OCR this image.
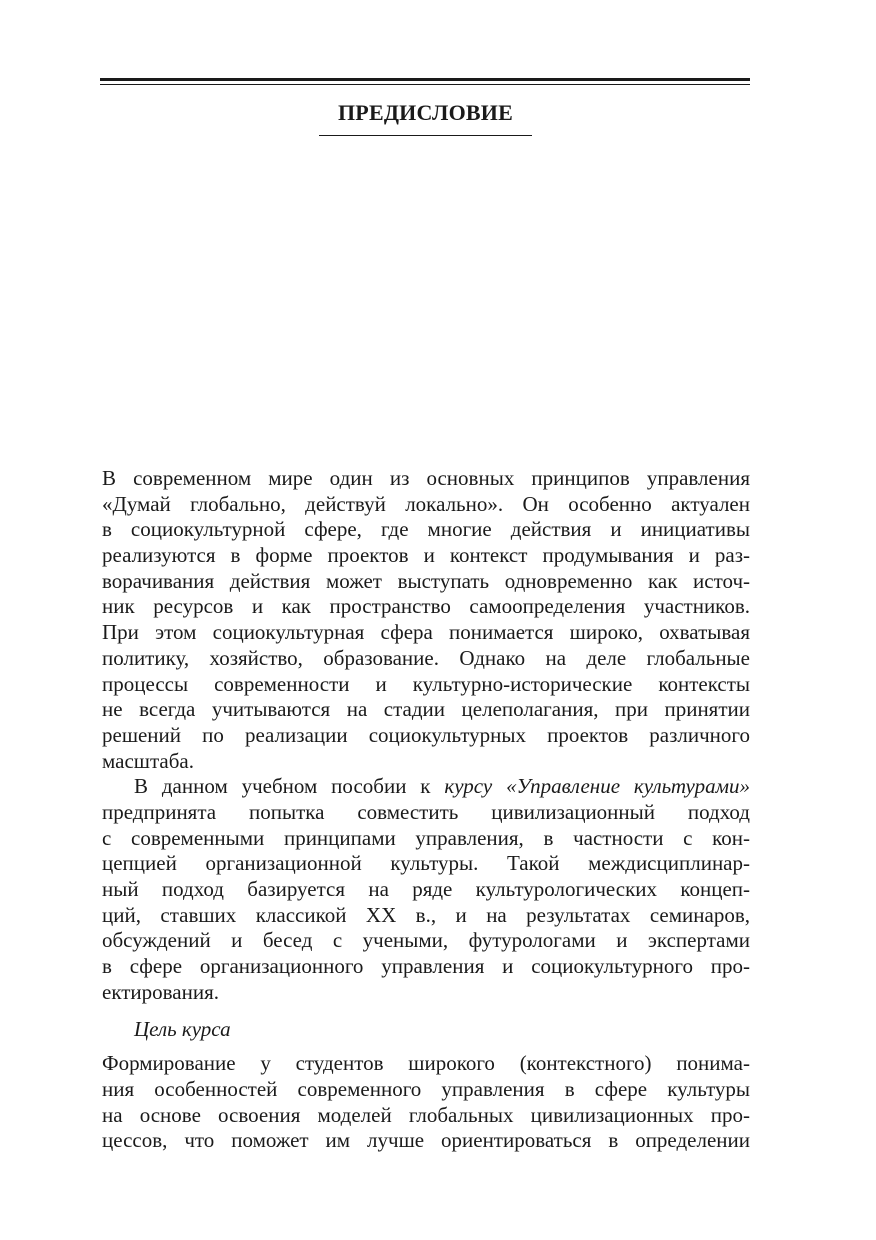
ПРЕДИСЛОВИЕ
В современном мире один из основных принципов управления
«Думай глобально, действуй локально». Он особенно актуален
в социокультурной сфере, где многие действия и инициативы
реализуются в форме проектов и контекст продумывания и раз-
ворачивания действия может выступать одновременно как источ-
ник ресурсов и как пространство самоопределения участников.
При этом социокультурная сфера понимается широко, охватывая
политику, хозяйство, образование. Однако на деле глобальные
процессы современности и культурно-исторические контексты
не всегда учитываются на стадии целеполагания, при принятии
решений по реализации социокультурных проектов различного
масштаба.
В данном учебном пособии к курсу «Управление культурами»
предпринята попытка совместить цивилизационный подход
с современными принципами управления, в частности с кон-
цепцией организационной культуры. Такой междисциплинар-
ный подход базируется на ряде культурологических концеп-
ций, ставших классикой XX в., и на результатах семинаров,
обсуждений и бесед с учеными, футурологами и экспертами
в сфере организационного управления и социокультурного про-
ектирования.
Цель курса
Формирование у студентов широкого (контекстного) понима-
ния особенностей современного управления в сфере культуры
на основе освоения моделей глобальных цивилизационных про-
цессов, что поможет им лучше ориентироваться в определении
